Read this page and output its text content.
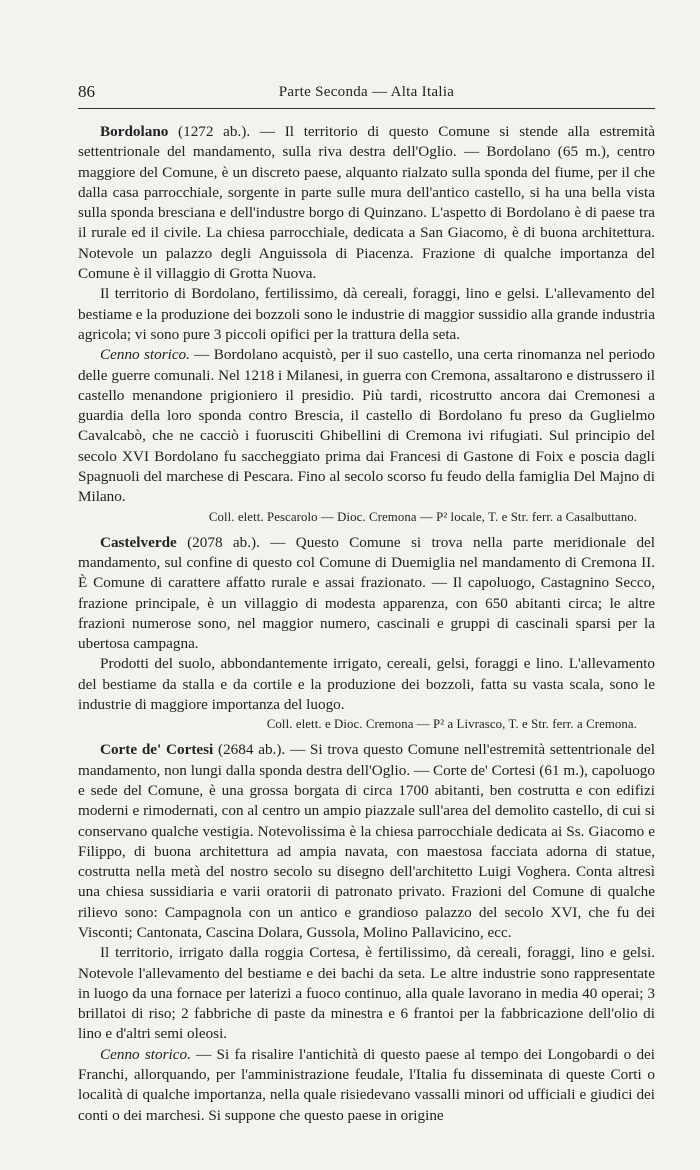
86	Parte Seconda — Alta Italia

Bordolano (1272 ab.). — Il territorio di questo Comune si stende alla estremità settentrionale del mandamento, sulla riva destra dell'Oglio. — Bordolano (65 m.), centro maggiore del Comune, è un discreto paese, alquanto rialzato sulla sponda del fiume, per il che dalla casa parrocchiale, sorgente in parte sulle mura dell'antico castello, si ha una bella vista sulla sponda bresciana e dell'industre borgo di Quinzano. L'aspetto di Bordolano è di paese tra il rurale ed il civile. La chiesa parrocchiale, dedicata a San Giacomo, è di buona architettura. Notevole un palazzo degli Anguissola di Piacenza. Frazione di qualche importanza del Comune è il villaggio di Grotta Nuova.

Il territorio di Bordolano, fertilissimo, dà cereali, foraggi, lino e gelsi. L'allevamento del bestiame e la produzione dei bozzoli sono le industrie di maggior sussidio alla grande industria agricola; vi sono pure 3 piccoli opifici per la trattura della seta.

Cenno storico. — Bordolano acquistò, per il suo castello, una certa rinomanza nel periodo delle guerre comunali. Nel 1218 i Milanesi, in guerra con Cremona, assaltarono e distrussero il castello menandone prigioniero il presidio. Più tardi, ricostrutto ancora dai Cremonesi a guardia della loro sponda contro Brescia, il castello di Bordolano fu preso da Guglielmo Cavalcabò, che ne cacciò i fuorusciti Ghibellini di Cremona ivi rifugiati. Sul principio del secolo XVI Bordolano fu saccheggiato prima dai Francesi di Gastone di Foix e poscia dagli Spagnuoli del marchese di Pescara. Fino al secolo scorso fu feudo della famiglia Del Majno di Milano.

Coll. elett. Pescarolo — Dioc. Cremona — P² locale, T. e Str. ferr. a Casalbuttano.

Castelverde (2078 ab.). — Questo Comune si trova nella parte meridionale del mandamento, sul confine di questo col Comune di Duemiglia nel mandamento di Cremona II. È Comune di carattere affatto rurale e assai frazionato. — Il capoluogo, Castagnino Secco, frazione principale, è un villaggio di modesta apparenza, con 650 abitanti circa; le altre frazioni numerose sono, nel maggior numero, cascinali e gruppi di cascinali sparsi per la ubertosa campagna.

Prodotti del suolo, abbondantemente irrigato, cereali, gelsi, foraggi e lino. L'allevamento del bestiame da stalla e da cortile e la produzione dei bozzoli, fatta su vasta scala, sono le industrie di maggiore importanza del luogo.

Coll. elett. e Dioc. Cremona — P² a Livrasco, T. e Str. ferr. a Cremona.

Corte de' Cortesi (2684 ab.). — Si trova questo Comune nell'estremità settentrionale del mandamento, non lungi dalla sponda destra dell'Oglio. — Corte de' Cortesi (61 m.), capoluogo e sede del Comune, è una grossa borgata di circa 1700 abitanti, ben costrutta e con edifizi moderni e rimodernati, con al centro un ampio piazzale sull'area del demolito castello, di cui si conservano qualche vestigia. Notevolissima è la chiesa parrocchiale dedicata ai Ss. Giacomo e Filippo, di buona architettura ad ampia navata, con maestosa facciata adorna di statue, costrutta nella metà del nostro secolo su disegno dell'architetto Luigi Voghera. Conta altresì una chiesa sussidiaria e varii oratorii di patronato privato. Frazioni del Comune di qualche rilievo sono: Campagnola con un antico e grandioso palazzo del secolo XVI, che fu dei Visconti; Cantonata, Cascina Dolara, Gussola, Molino Pallavicino, ecc.

Il territorio, irrigato dalla roggia Cortesa, è fertilissimo, dà cereali, foraggi, lino e gelsi. Notevole l'allevamento del bestiame e dei bachi da seta. Le altre industrie sono rappresentate in luogo da una fornace per laterizi a fuoco continuo, alla quale lavorano in media 40 operai; 3 brillatoi di riso; 2 fabbriche di paste da minestra e 6 frantoi per la fabbricazione dell'olio di lino e d'altri semi oleosi.

Cenno storico. — Si fa risalire l'antichità di questo paese al tempo dei Longobardi o dei Franchi, allorquando, per l'amministrazione feudale, l'Italia fu disseminata di queste Corti o località di qualche importanza, nella quale risiedevano vassalli minori od ufficiali e giudici dei conti o dei marchesi. Si suppone che questo paese in origine
